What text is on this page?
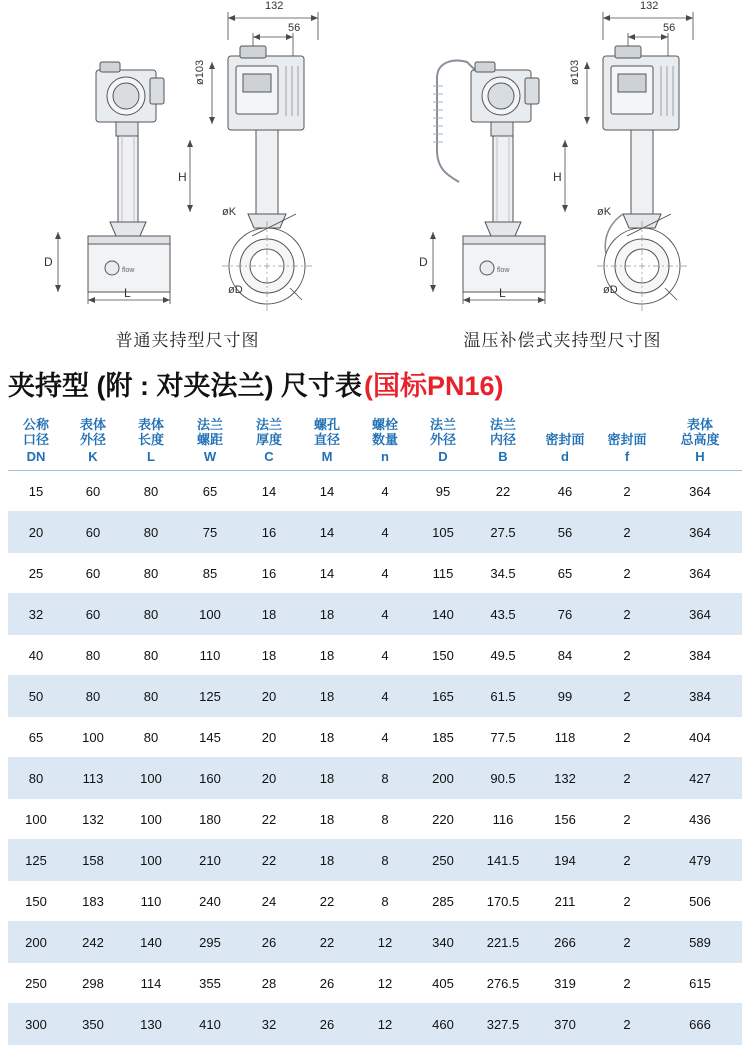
flow
132
56
ø103
H
D
L
øK
øD
flow
132
56
ø103
H
D
L
øK
øD
普通夹持型尺寸图	温压补偿式夹持型尺寸图
夹持型 (附 : 对夹法兰) 尺寸表 (国标PN16)
公称
口径
DN	表体
外径
K	表体
长度
L	法兰
螺距
W	法兰
厚度
C	螺孔
直径
M	螺栓
数量
n	法兰
外径
D	法兰
内径
B	密封面
d	密封面
f	表体
总高度
H

15	60	80	65	14	14	4	95	22	46	2	364
20	60	80	75	16	14	4	105	27.5	56	2	364
25	60	80	85	16	14	4	115	34.5	65	2	364
32	60	80	100	18	18	4	140	43.5	76	2	364
40	80	80	110	18	18	4	150	49.5	84	2	384
50	80	80	125	20	18	4	165	61.5	99	2	384
65	100	80	145	20	18	4	185	77.5	118	2	404
80	113	100	160	20	18	8	200	90.5	132	2	427
100	132	100	180	22	18	8	220	116	156	2	436
125	158	100	210	22	18	8	250	141.5	194	2	479
150	183	110	240	24	22	8	285	170.5	211	2	506
200	242	140	295	26	22	12	340	221.5	266	2	589
250	298	114	355	28	26	12	405	276.5	319	2	615
300	350	130	410	32	26	12	460	327.5	370	2	666
